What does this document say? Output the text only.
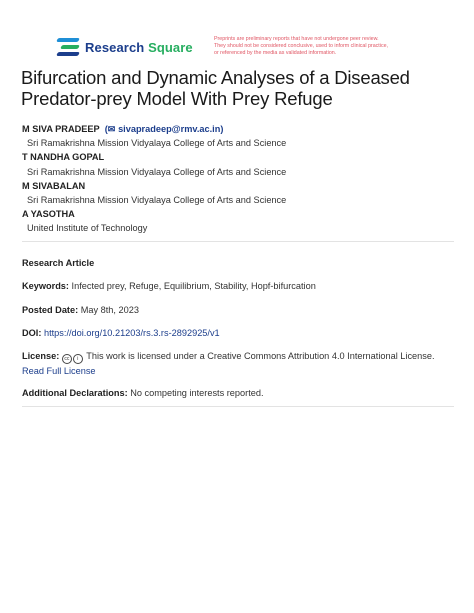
Research Square
Preprints are preliminary reports that have not undergone peer review.
They should not be considered conclusive, used to inform clinical practice,
or referenced by the media as validated information.
Bifurcation and Dynamic Analyses of a Diseased Predator-prey Model With Prey Refuge
M SIVA PRADEEP  (✉ sivapradeep@rmv.ac.in)
Sri Ramakrishna Mission Vidyalaya College of Arts and Science
T NANDHA GOPAL
Sri Ramakrishna Mission Vidyalaya College of Arts and Science
M SIVABALAN
Sri Ramakrishna Mission Vidyalaya College of Arts and Science
A YASOTHA
United Institute of Technology
Research Article
Keywords: Infected prey, Refuge, Equilibrium, Stability, Hopf-bifurcation
Posted Date: May 8th, 2023
DOI: https://doi.org/10.21203/rs.3.rs-2892925/v1
License: cc i This work is licensed under a Creative Commons Attribution 4.0 International License.
Read Full License
Additional Declarations: No competing interests reported.
